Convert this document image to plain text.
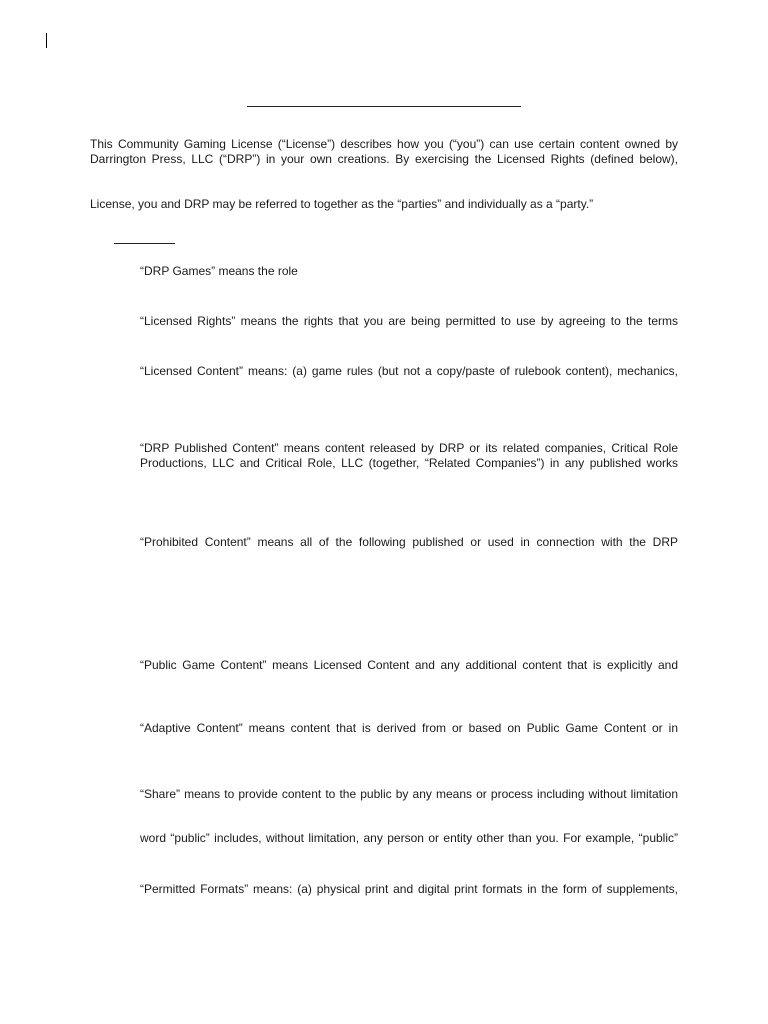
This Community Gaming License (“License”) describes how you (“you”) can use certain content owned by
Darrington Press, LLC (“DRP”) in your own creations. By exercising the Licensed Rights (defined below),

License, you and DRP may be referred to together as the “parties” and individually as a “party.”

“DRP Games” means the role

“Licensed Rights” means the rights that you are being permitted to use by agreeing to the terms

“Licensed Content” means: (a) game rules (but not a copy/paste of rulebook content), mechanics,

“DRP Published Content” means content released by DRP or its related companies, Critical Role
Productions, LLC and Critical Role, LLC (together, “Related Companies”) in any published works

“Prohibited Content” means all of the following published or used in connection with the DRP

“Public Game Content” means Licensed Content and any additional content that is explicitly and

“Adaptive Content” means content that is derived from or based on Public Game Content or in

“Share” means to provide content to the public by any means or process including without limitation

word “public” includes, without limitation, any person or entity other than you. For example, “public”

“Permitted Formats” means: (a) physical print and digital print formats in the form of supplements,
